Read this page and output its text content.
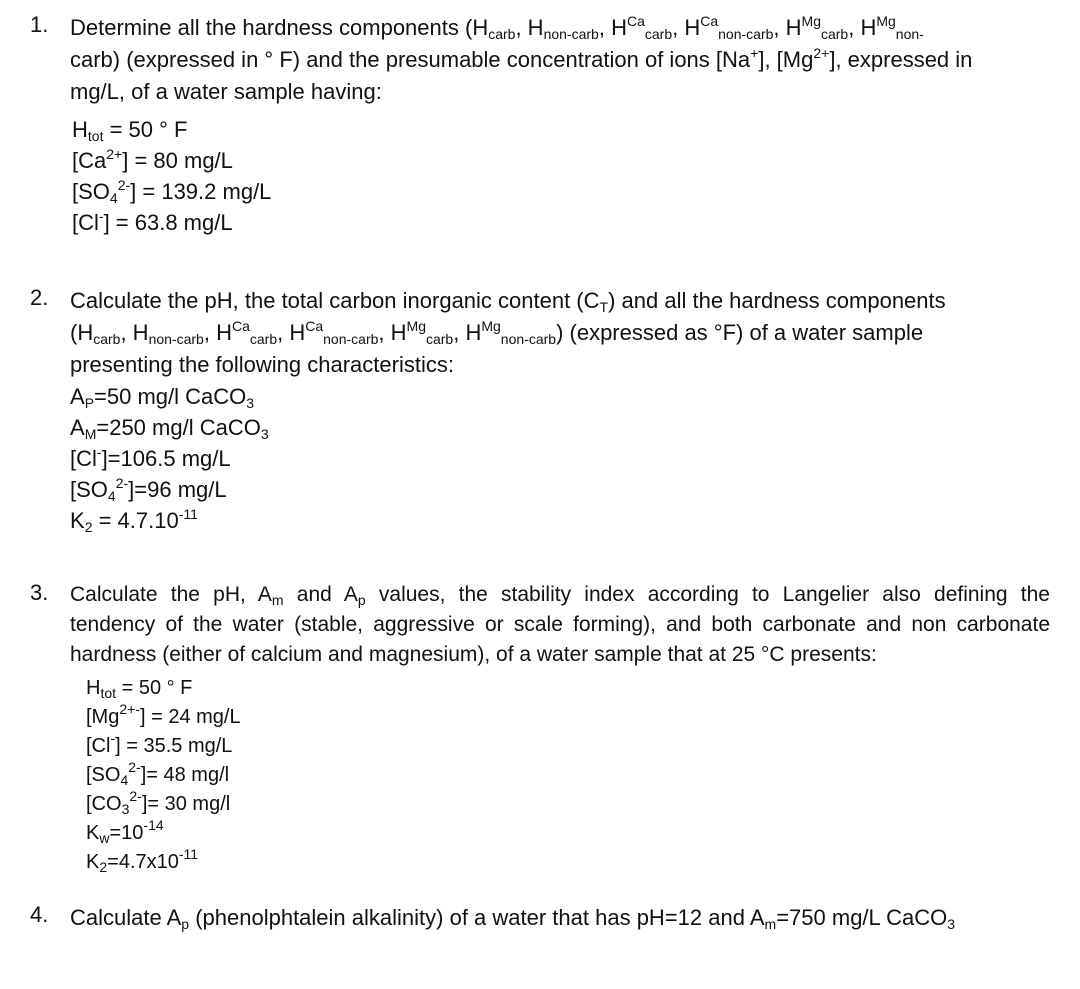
1. Determine all the hardness components ($H_{carb}$, $H_{non-carb}$, $H^{Ca}_{carb}$, $H^{Ca}_{non-carb}$, $H^{Mg}_{carb}$, $H^{Mg}_{non-}$
carb) (expressed in ° F) and the presumable concentration of ions [Na+], $[Mg^{2+}]$, expressed in
mg/L, of a water sample having:
$H_{tot} = 50$ ° F
$[Ca^{2+}] = 80$ mg/L
$[SO_4^{2-}] = 139.2$ mg/L
[Cl-] = 63.8 mg/L
2. Calculate the pH, the total carbon inorganic content $(C_T)$ and all the hardness components
($H_{carb}$, $H_{non-carb}$, $H^{Ca}_{carb}$, $H^{Ca}_{non-carb}$, $H^{Mg}_{carb}$, $H^{Mg}_{non-carb}$) (expressed as °F) of a water sample
presenting the following characteristics:
$A_P=50$ mg/l CaCO$_3$
$A_M=250$ mg/l CaCO$_3$
[Cl-]=106.5 mg/L
$[SO_4^{2-}]=96$ mg/L
$K_2 = 4.7.10^{-11}$
3.	Calculate the pH, $A_m$ and $A_p$ values, the stability index according to Langelier also defining the
tendency of the water (stable, aggressive or scale forming), and both carbonate and non carbonate
hardness (either of calcium and magnesium), of a water sample that at 25 °C presents:
$H_{tot} = 50$ ° F
$[Mg^{2+-}] = 24$ mg/L
[Cl-] = 35.5 mg/L
$[SO_4^{2-}]= 48$ mg/l
$[CO_3^{2-}]= 30$ mg/l
$K_w=10^{-14}$
$K_2=4.7x10^{-11}$
4. Calculate $A_p$ (phenolphtalein alkalinity) of a water that has pH=12 and $A_m=750$ mg/L CaCO$_3$
